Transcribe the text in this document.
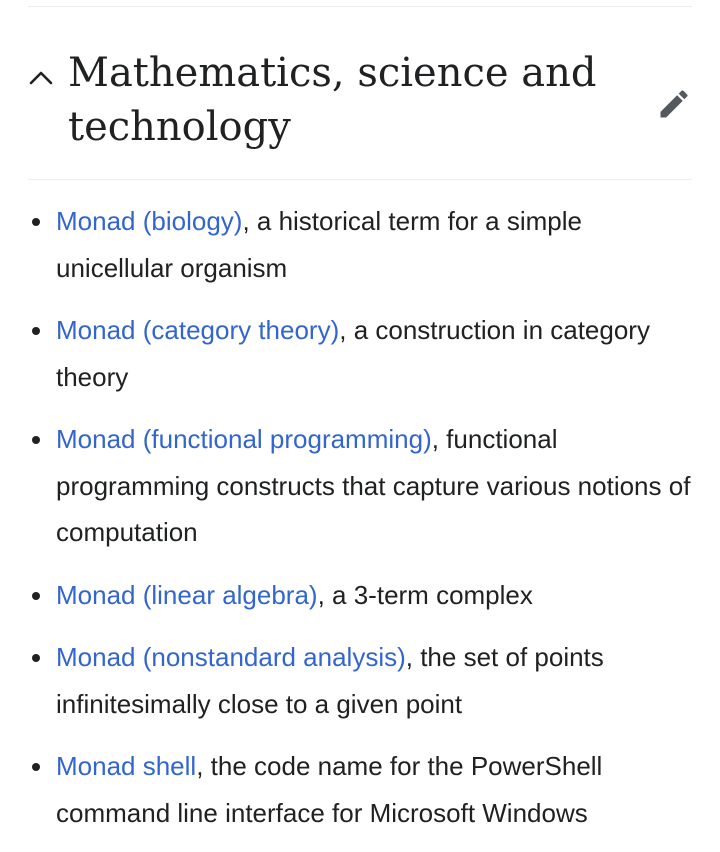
Mathematics, science and technology
Monad (biology), a historical term for a simple unicellular organism
Monad (category theory), a construction in category theory
Monad (functional programming), functional programming constructs that capture various notions of computation
Monad (linear algebra), a 3-term complex
Monad (nonstandard analysis), the set of points infinitesimally close to a given point
Monad shell, the code name for the PowerShell command line interface for Microsoft Windows
